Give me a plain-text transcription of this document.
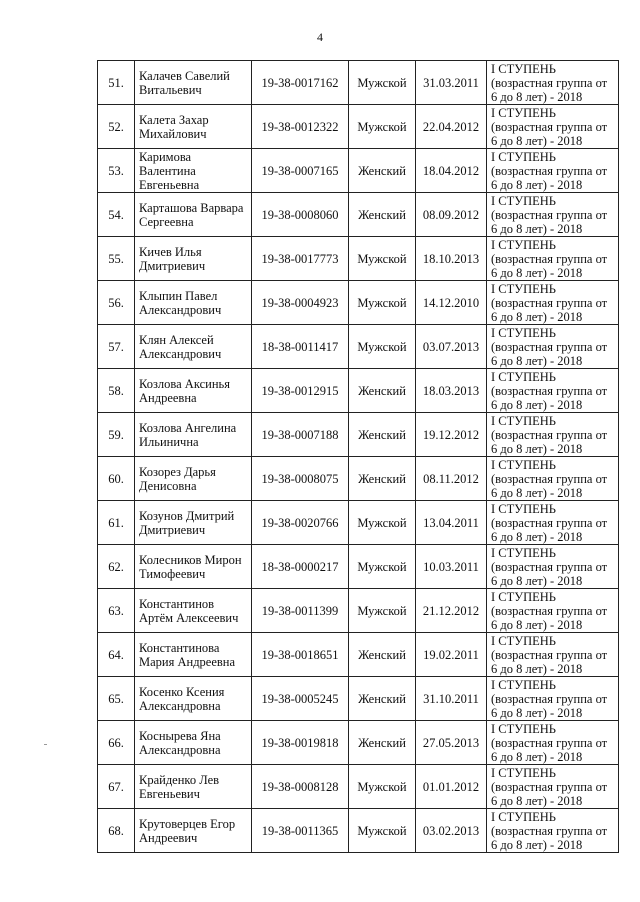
4
51.	Калачев Савелий Витальевич	19-38-0017162	Мужской	31.03.2011	I СТУПЕНЬ (возрастная группа от 6 до 8 лет) - 2018
52.	Калета Захар Михайлович	19-38-0012322	Мужской	22.04.2012	I СТУПЕНЬ (возрастная группа от 6 до 8 лет) - 2018
53.	Каримова Валентина Евгеньевна	19-38-0007165	Женский	18.04.2012	I СТУПЕНЬ (возрастная группа от 6 до 8 лет) - 2018
54.	Карташова Варвара Сергеевна	19-38-0008060	Женский	08.09.2012	I СТУПЕНЬ (возрастная группа от 6 до 8 лет) - 2018
55.	Кичев Илья Дмитриевич	19-38-0017773	Мужской	18.10.2013	I СТУПЕНЬ (возрастная группа от 6 до 8 лет) - 2018
56.	Клыпин Павел Александрович	19-38-0004923	Мужской	14.12.2010	I СТУПЕНЬ (возрастная группа от 6 до 8 лет) - 2018
57.	Клян Алексей Александрович	18-38-0011417	Мужской	03.07.2013	I СТУПЕНЬ (возрастная группа от 6 до 8 лет) - 2018
58.	Козлова Аксинья Андреевна	19-38-0012915	Женский	18.03.2013	I СТУПЕНЬ (возрастная группа от 6 до 8 лет) - 2018
59.	Козлова Ангелина Ильинична	19-38-0007188	Женский	19.12.2012	I СТУПЕНЬ (возрастная группа от 6 до 8 лет) - 2018
60.	Козорез Дарья Денисовна	19-38-0008075	Женский	08.11.2012	I СТУПЕНЬ (возрастная группа от 6 до 8 лет) - 2018
61.	Козунов Дмитрий Дмитриевич	19-38-0020766	Мужской	13.04.2011	I СТУПЕНЬ (возрастная группа от 6 до 8 лет) - 2018
62.	Колесников Мирон Тимофеевич	18-38-0000217	Мужской	10.03.2011	I СТУПЕНЬ (возрастная группа от 6 до 8 лет) - 2018
63.	Константинов Артём Алексеевич	19-38-0011399	Мужской	21.12.2012	I СТУПЕНЬ (возрастная группа от 6 до 8 лет) - 2018
64.	Константинова Мария Андреевна	19-38-0018651	Женский	19.02.2011	I СТУПЕНЬ (возрастная группа от 6 до 8 лет) - 2018
65.	Косенко Ксения Александровна	19-38-0005245	Женский	31.10.2011	I СТУПЕНЬ (возрастная группа от 6 до 8 лет) - 2018
66.	Коснырева Яна Александровна	19-38-0019818	Женский	27.05.2013	I СТУПЕНЬ (возрастная группа от 6 до 8 лет) - 2018
67.	Крайденко Лев Евгеньевич	19-38-0008128	Мужской	01.01.2012	I СТУПЕНЬ (возрастная группа от 6 до 8 лет) - 2018
68.	Крутоверцев Егор Андреевич	19-38-0011365	Мужской	03.02.2013	I СТУПЕНЬ (возрастная группа от 6 до 8 лет) - 2018
